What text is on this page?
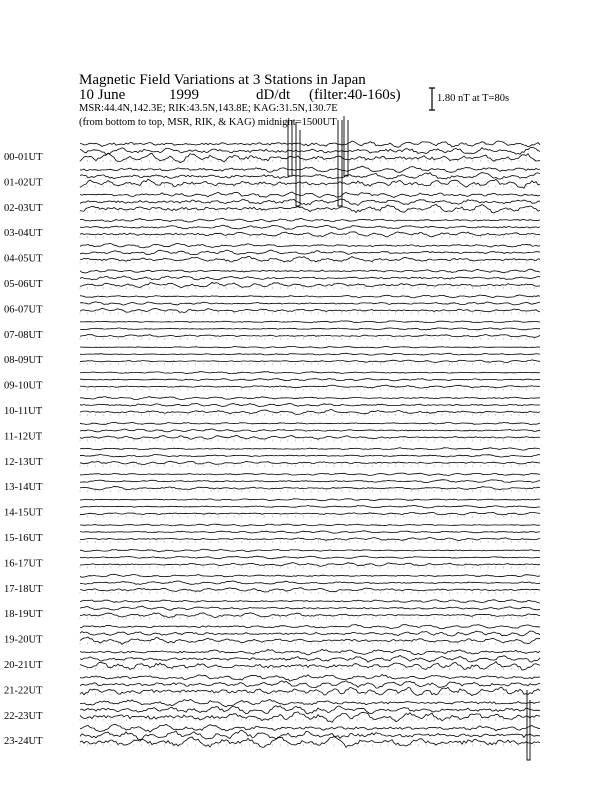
Magnetic Field Variations at 3 Stations in Japan
10 June	1999	dD/dt (filter:40-160s)
MSR:44.4N,142.3E; RIK:43.5N,143.8E; KAG:31.5N,130.7E
(from bottom to top, MSR, RIK, & KAG) midnight=1500UT
1.80 nT at T=80s
00-01UT
01-02UT
02-03UT
03-04UT
04-05UT
05-06UT
06-07UT
07-08UT
08-09UT
09-10UT
10-11UT
11-12UT
12-13UT
13-14UT
14-15UT
15-16UT
16-17UT
17-18UT
18-19UT
19-20UT
20-21UT
21-22UT
22-23UT
23-24UT
